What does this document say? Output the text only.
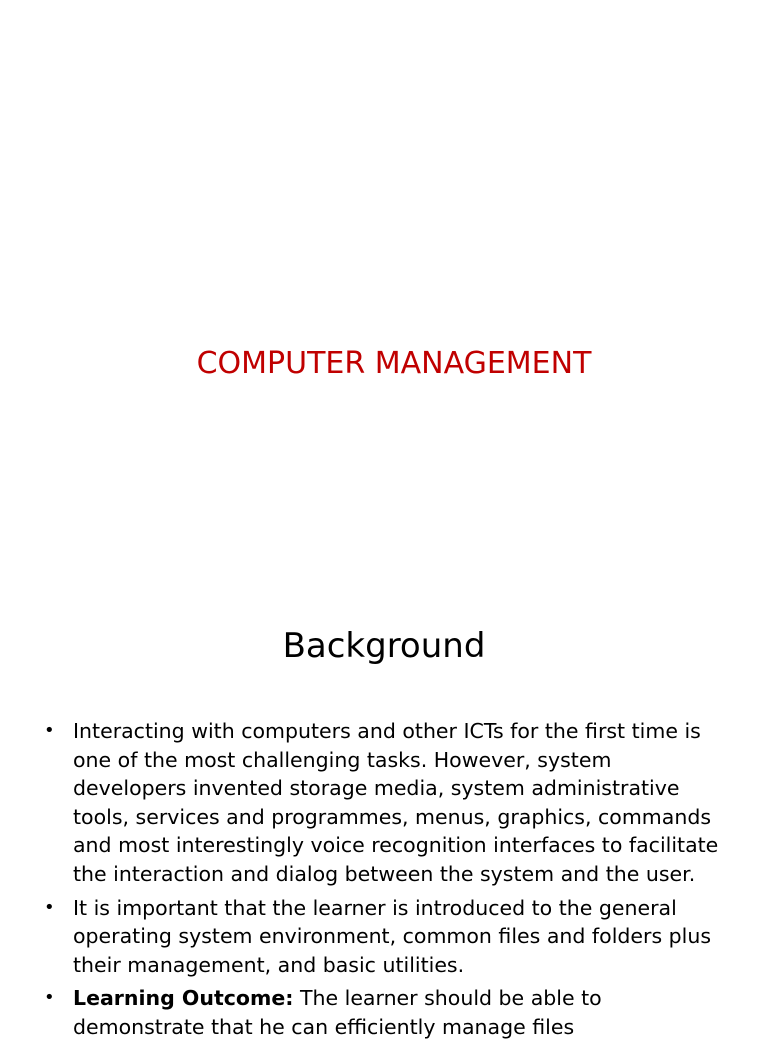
COMPUTER MANAGEMENT
Background
• Interacting with computers and other ICTs for the first time is one of the most challenging tasks. However, system developers invented storage media, system administrative tools, services and programmes, menus, graphics, commands and most interestingly voice recognition interfaces to facilitate the interaction and dialog between the system and the user.
• It is important that the learner is introduced to the general operating system environment, common files and folders plus their management, and basic utilities.
• Learning Outcome: The learner should be able to demonstrate that he can efficiently manage files
